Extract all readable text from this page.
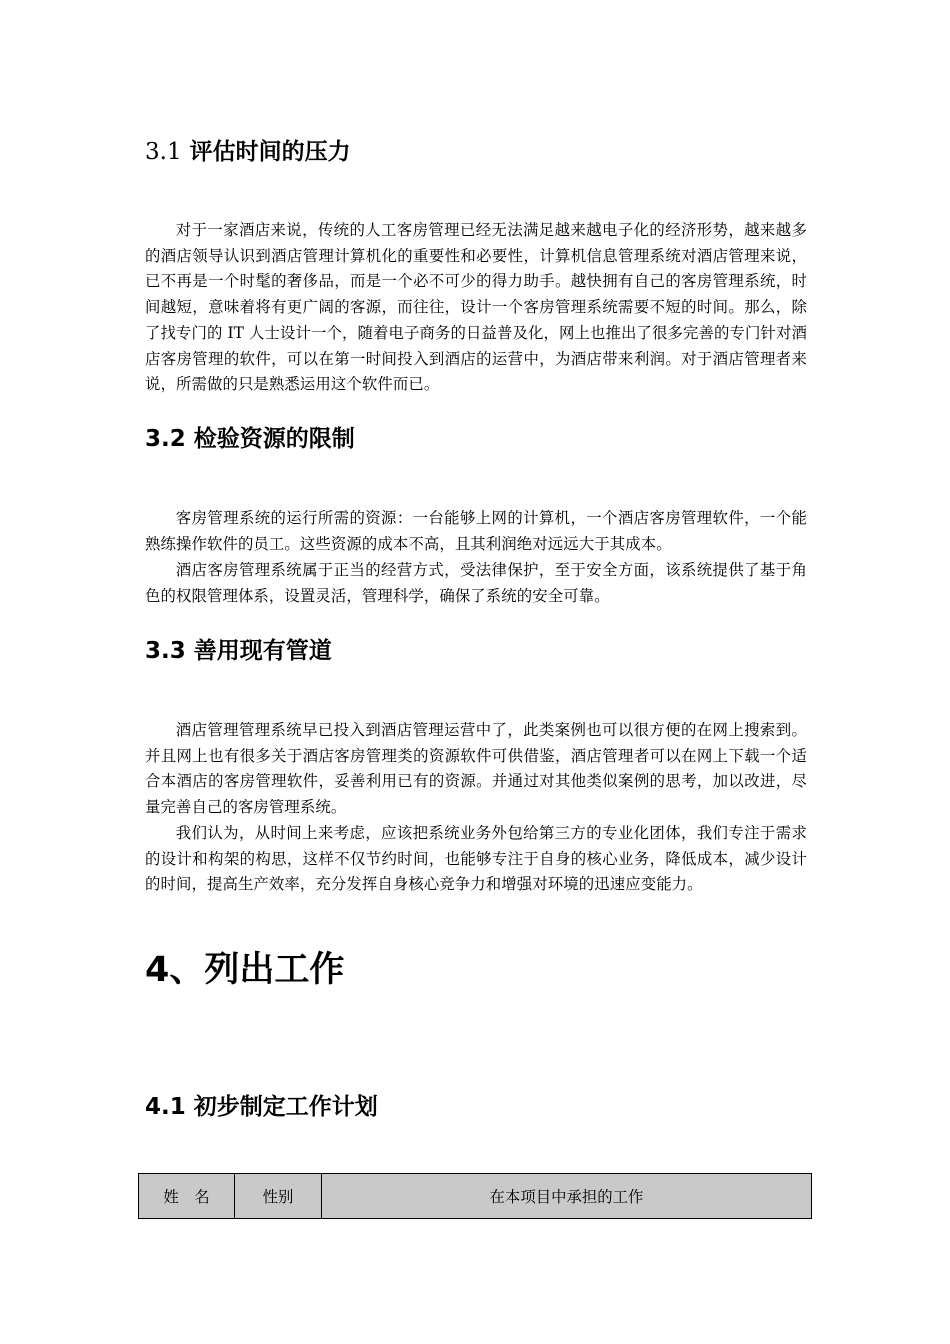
3.1 评估时间的压力

对于一家酒店来说，传统的人工客房管理已经无法满足越来越电子化的经济形势，越来越多的酒店领导认识到酒店管理计算机化的重要性和必要性，计算机信息管理系统对酒店管理来说，已不再是一个时髦的奢侈品，而是一个必不可少的得力助手。越快拥有自己的客房管理系统，时间越短，意味着将有更广阔的客源，而往往，设计一个客房管理系统需要不短的时间。那么，除了找专门的 IT 人士设计一个，随着电子商务的日益普及化，网上也推出了很多完善的专门针对酒店客房管理的软件，可以在第一时间投入到酒店的运营中，为酒店带来利润。对于酒店管理者来说，所需做的只是熟悉运用这个软件而已。

3.2 检验资源的限制

客房管理系统的运行所需的资源：一台能够上网的计算机，一个酒店客房管理软件，一个能熟练操作软件的员工。这些资源的成本不高，且其利润绝对远远大于其成本。

酒店客房管理系统属于正当的经营方式，受法律保护，至于安全方面，该系统提供了基于角色的权限管理体系，设置灵活，管理科学，确保了系统的安全可靠。

3.3 善用现有管道

酒店管理管理系统早已投入到酒店管理运营中了，此类案例也可以很方便的在网上搜索到。并且网上也有很多关于酒店客房管理类的资源软件可供借鉴，酒店管理者可以在网上下载一个适合本酒店的客房管理软件，妥善利用已有的资源。并通过对其他类似案例的思考，加以改进，尽量完善自己的客房管理系统。

我们认为，从时间上来考虑，应该把系统业务外包给第三方的专业化团体，我们专注于需求的设计和构架的构思，这样不仅节约时间，也能够专注于自身的核心业务，降低成本，减少设计的时间，提高生产效率，充分发挥自身核心竞争力和增强对环境的迅速应变能力。

4、列出工作
4.1 初步制定工作计划
姓　名	性别	在本项目中承担的工作
